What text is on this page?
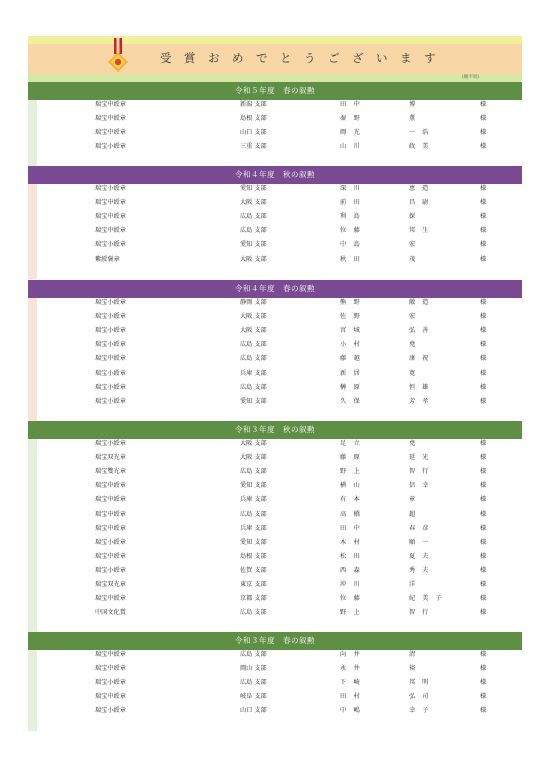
受賞おめでとうございます
(順不同)
令和５年度　春の叙勲
瑞宝中綬章	新潟 支部	田中	博	様
瑞宝中綬章	島根 支部	秦野	薫	様
瑞宝中綬章	山口 支部	岡光	一浩	様
瑞宝小綬章	三重 支部	山川	政美	様
令和４年度　秋の叙勲
瑞宝小綬章	愛知 支部	深川	恵造	様
瑞宝中綬章	大阪 支部	前田	昌尉	様
瑞宝中綬章	広島 支部	利島	保	様
瑞宝中綬章	広島 支部	位藤	邦生	様
瑞宝小綬章	愛知 支部	中島	宏	様
紫綬褒章	大阪 支部	秋田	茂	様
令和４年度　春の叙勲
瑞宝小綬章	静岡 支部	熊野	敞造	様
瑞宝小綬章	大阪 支部	佐野	宏	様
瑞宝小綬章	大阪 支部	宮城	弘善	様
瑞宝小綬章	広島 支部	小村	堯	様
瑞宝中綬章	広島 支部	藤越	康祝	様
瑞宝小綬章	兵庫 支部	新居	寛	様
瑞宝小綬章	広島 支部	榊原	恒雄	様
瑞宝小綬章	愛知 支部	久保	芳孝	様
令和３年度　秋の叙勲
瑞宝小綬章	大阪 支部	足立	堯	様
瑞宝双光章	大阪 支部	藤原	延光	様
瑞宝雙光章	広島 支部	野上	智行	様
瑞宝中綬章	愛知 支部	横山	信幸	様
瑞宝中綬章	兵庫 支部	有本	章	様
瑞宝中綬章	広島 支部	高橋	超	様
瑞宝中綬章	兵庫 支部	田中	春彦	様
瑞宝小綬章	愛知 支部	木村	順一	様
瑞宝中綬章	島根 支部	松田	夏夫	様
瑞宝小綬章	佐賀 支部	西森	秀夫	様
瑞宝双光章	東京 支部	沖川	洋	様
瑞宝中綬章	京都 支部	位藤	紀美子	様
中国文化賞	広島 支部	野上	智行	様
令和３年度　春の叙勲
瑞宝中綬章	広島 支部	向井	清	様
瑞宝中綬章	岡山 支部	永井	裕	様
瑞宝小綬章	広島 支部	下崎	邦明	様
瑞宝中綬章	岐阜 支部	田村	弘司	様
瑞宝小綬章	山口 支部	中嶋	幸子	様
